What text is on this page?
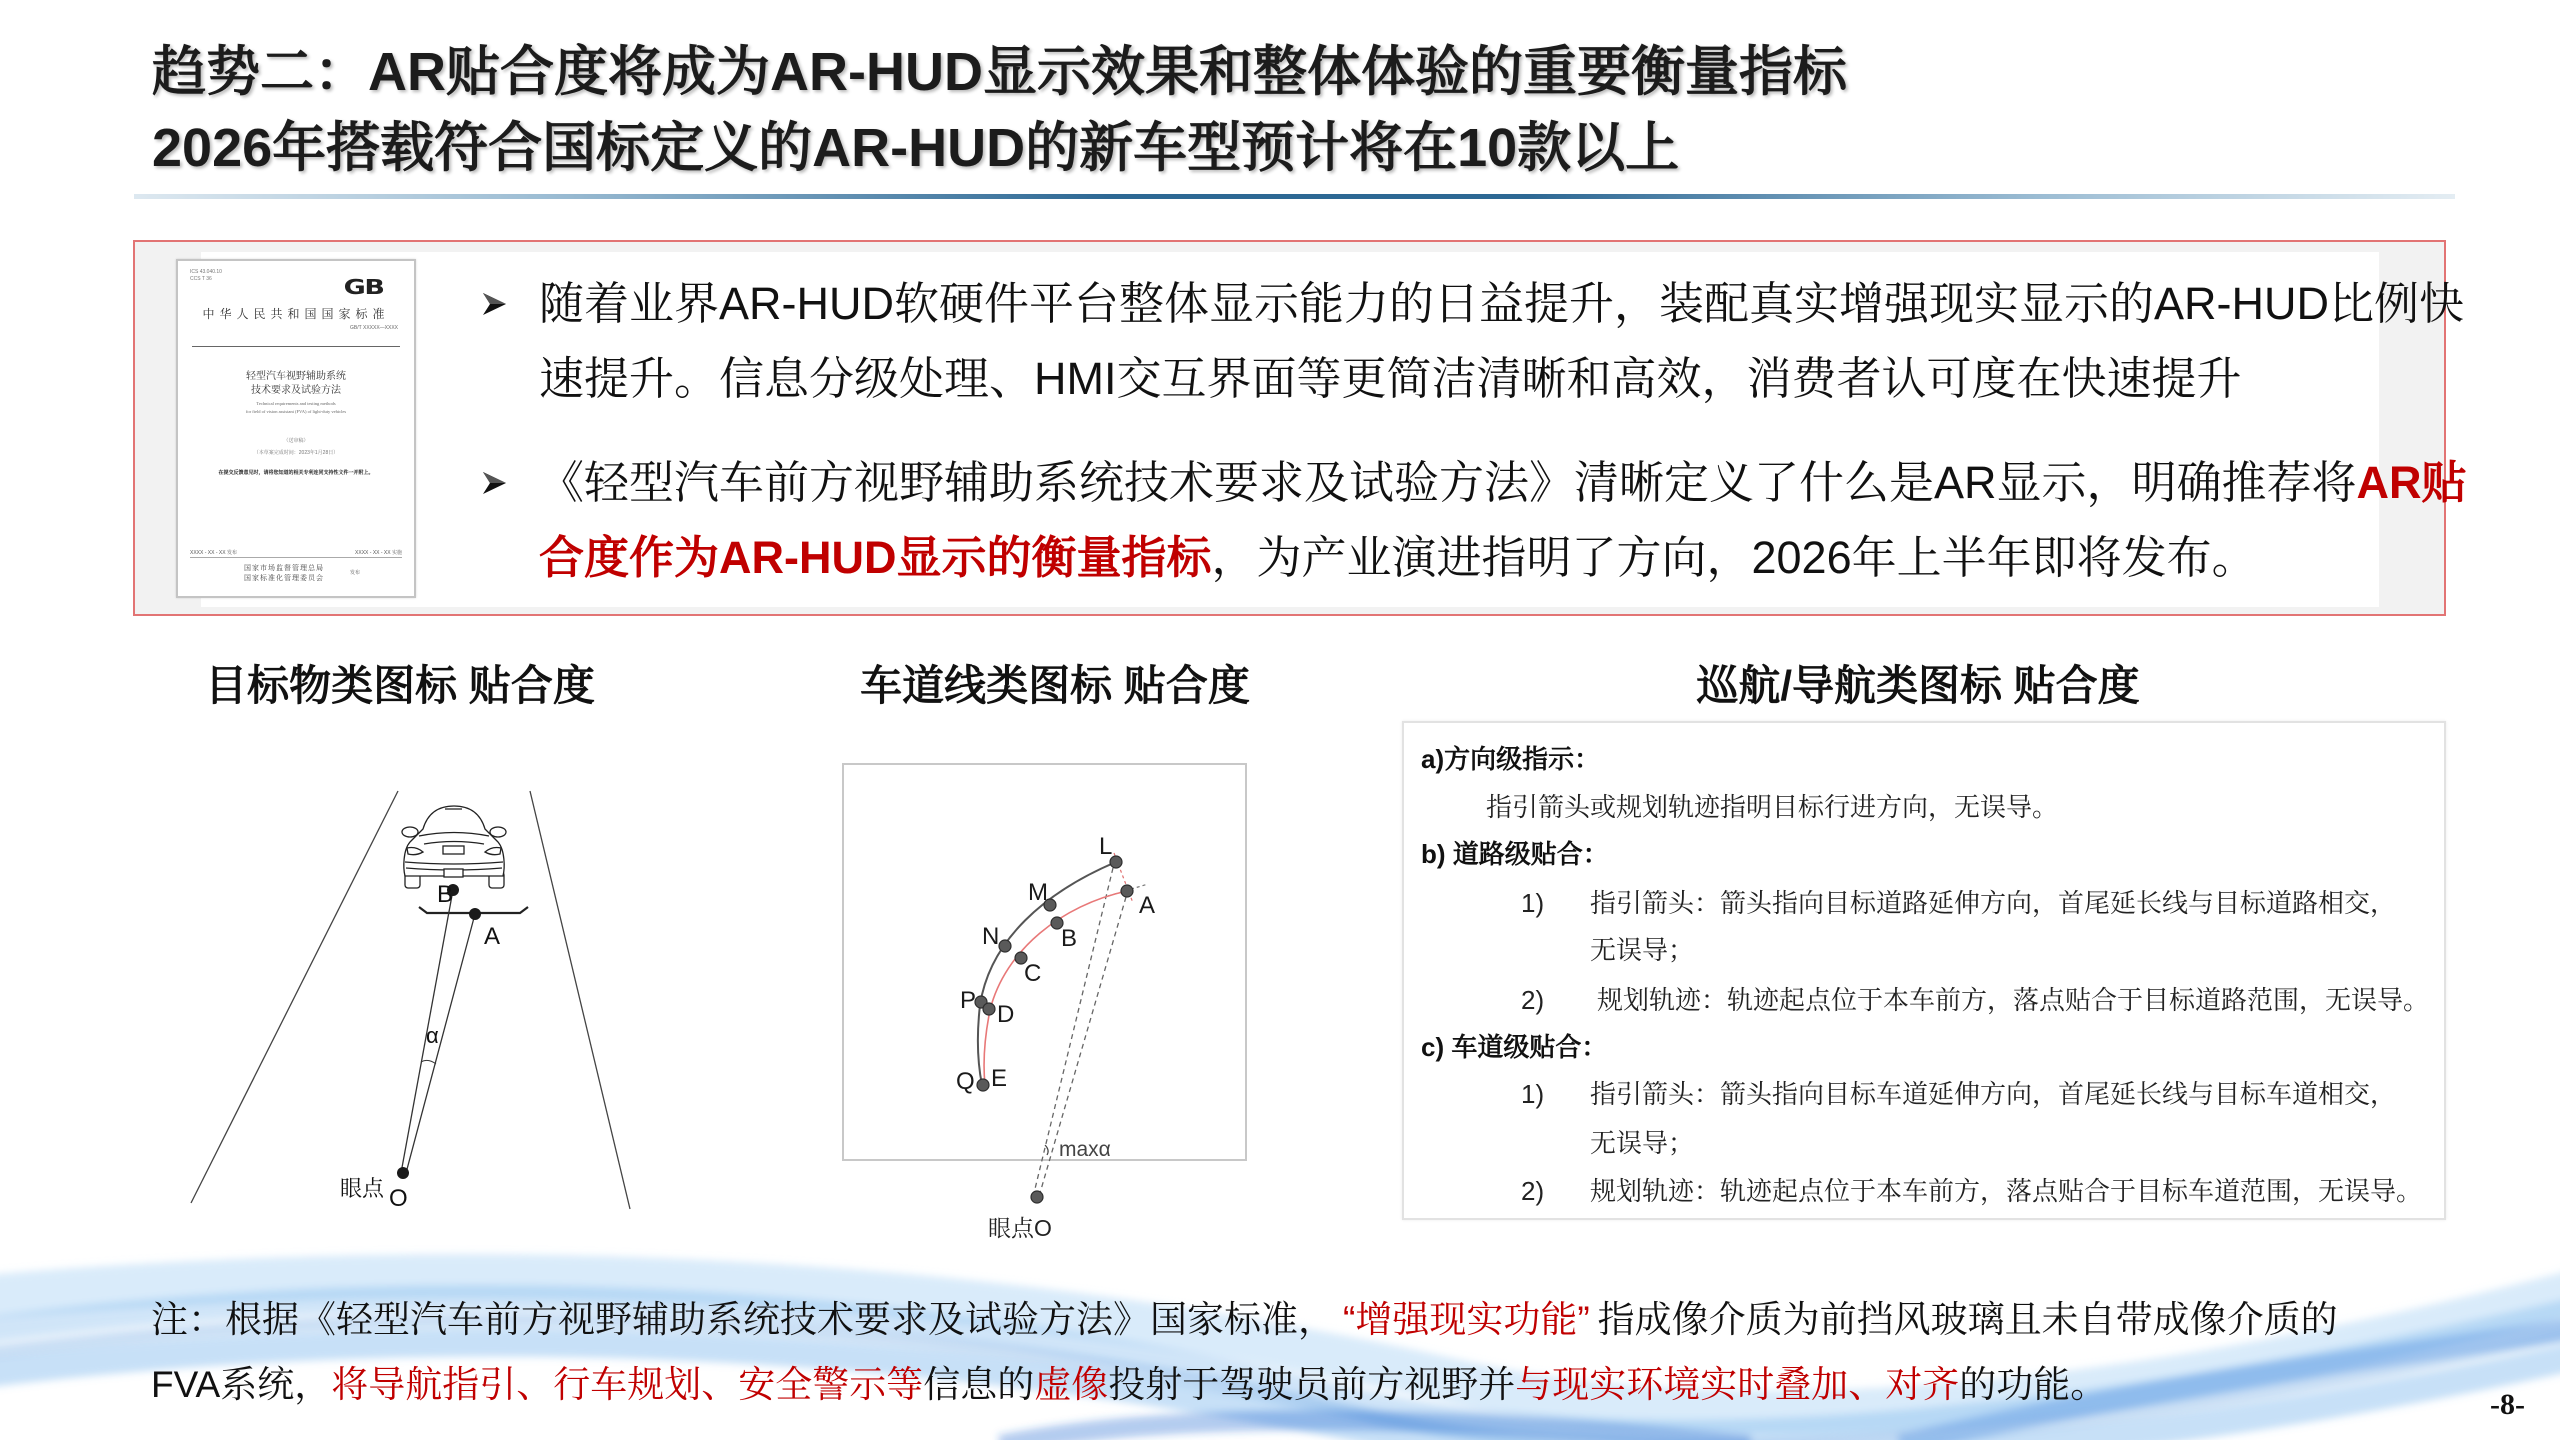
趋势二：AR贴合度将成为AR-HUD显示效果和整体体验的重要衡量指标
2026年搭载符合国标定义的AR-HUD的新车型预计将在10款以上
ICS 43.040.10
CCS T 36	GB
中华人民共和国国家标准
GB/T XXXXX—XXXX
轻型汽车视野辅助系统
技术要求及试验方法
Technical requirements and testing methods
for field of vision assistant (FVA) of light-duty vehicles
（送审稿）
（本草案完成时间：2023年1月28日）
在提交反馈意见时，请将您知道的相关专利连同支持性文件一并附上。
XXXX - XX - XX 发布	XXXX - XX - XX 实施
国家市场监督管理总局
国家标准化管理委员会
发布
随着业界AR-HUD软硬件平台整体显示能力的日益提升，装配真实增强现实显示的AR-HUD比例快
速提升。信息分级处理、HMI交互界面等更简洁清晰和高效，消费者认可度在快速提升
《轻型汽车前方视野辅助系统技术要求及试验方法》清晰定义了什么是AR显示，明确推荐将AR贴
合度作为AR-HUD显示的衡量指标，为产业演进指明了方向，2026年上半年即将发布。
目标物类图标 贴合度	车道线类图标 贴合度	巡航/导航类图标 贴合度
B
A
α
眼点 O
L
M
N
P
Q
A
B
C
D
E
maxα
眼点O
a)方向级指示：
指引箭头或规划轨迹指明目标行进方向，无误导。
b) 道路级贴合：
1) 指引箭头：箭头指向目标道路延伸方向，首尾延长线与目标道路相交，
无误导；
2) 规划轨迹：轨迹起点位于本车前方，落点贴合于目标道路范围，无误导。
c) 车道级贴合：
1) 指引箭头：箭头指向目标车道延伸方向，首尾延长线与目标车道相交，
无误导；
2) 规划轨迹：轨迹起点位于本车前方，落点贴合于目标车道范围，无误导。
注：根据《轻型汽车前方视野辅助系统技术要求及试验方法》国家标准， “增强现实功能” 指成像介质为前挡风玻璃且未自带成像介质的
FVA系统，将导航指引、行车规划、安全警示等信息的虚像投射于驾驶员前方视野并与现实环境实时叠加、对齐的功能。	-8-
